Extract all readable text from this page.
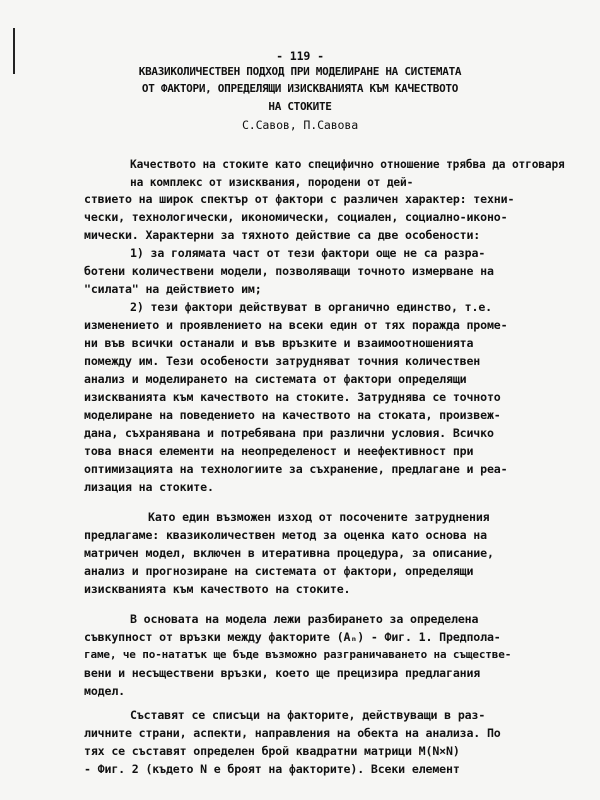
- 119 -
КВАЗИКОЛИЧЕСТВЕН ПОДХОД ПРИ МОДЕЛИРАНЕ НА СИСТЕМАТА
ОТ ФАКТОРИ, ОПРЕДЕЛЯЩИ ИЗИСКВАНИЯТА КЪМ КАЧЕСТВОТО
НА СТОКИТЕ
С.Савов, П.Савова
Качеството на стоките като специфично отношение трябва да отговаря на комплекс от изисквания, породени от дей-
ствието на широк спектър от фактори с различен характер: техни-
чески, технологически, икономически, социален, социално-иконо-
мически. Характерни за тяхното действие са две особености:
1) за голямата част от тези фактори още не са разра-
ботени количествени модели, позволяващи точното измерване на
"силата" на действието им;
2) тези фактори действуват в органично единство, т.е.
изменението и проявлението на всеки един от тях поражда проме-
ни във всички останали и във връзките и взаимоотношенията
помежду им. Тези особености затрудняват точния количествен
анализ и моделирането на системата от фактори определящи
изискванията към качеството на стоките. Затруднява се точното
моделиране на поведението на качеството на стоката, произвеж-
дана, съхранявана и потребявана при различни условия. Всичко
това внася елементи на неопределеност и неефективност при
оптимизацията на технологиите за съхранение, предлагане и реа-
лизация на стоките.
Като един възможен изход от посочените затруднения
предлагаме: квазиколичествен метод за оценка като основа на
матричен модел, включен в итеративна процедура, за описание,
анализ и прогнозиране на системата от фактори, определящи
изискванията към качеството на стоките.
В основата на модела лежи разбирането за определена
съвкупност от връзки между факторите (Aₙ) - Фиг. 1. Предпола-
гаме, че по-нататък ще бъде възможно разграничаването на съществе-
вени и несъществени връзки, което ще прецизира предлагания
модел.
Съставят се списъци на факторите, действуващи в раз-
личните страни, аспекти, направления на обекта на анализа. По
тях се съставят определен брой квадратни матрици M(N×N)
- Фиг. 2 (където N е броят на факторите). Всеки елемент
